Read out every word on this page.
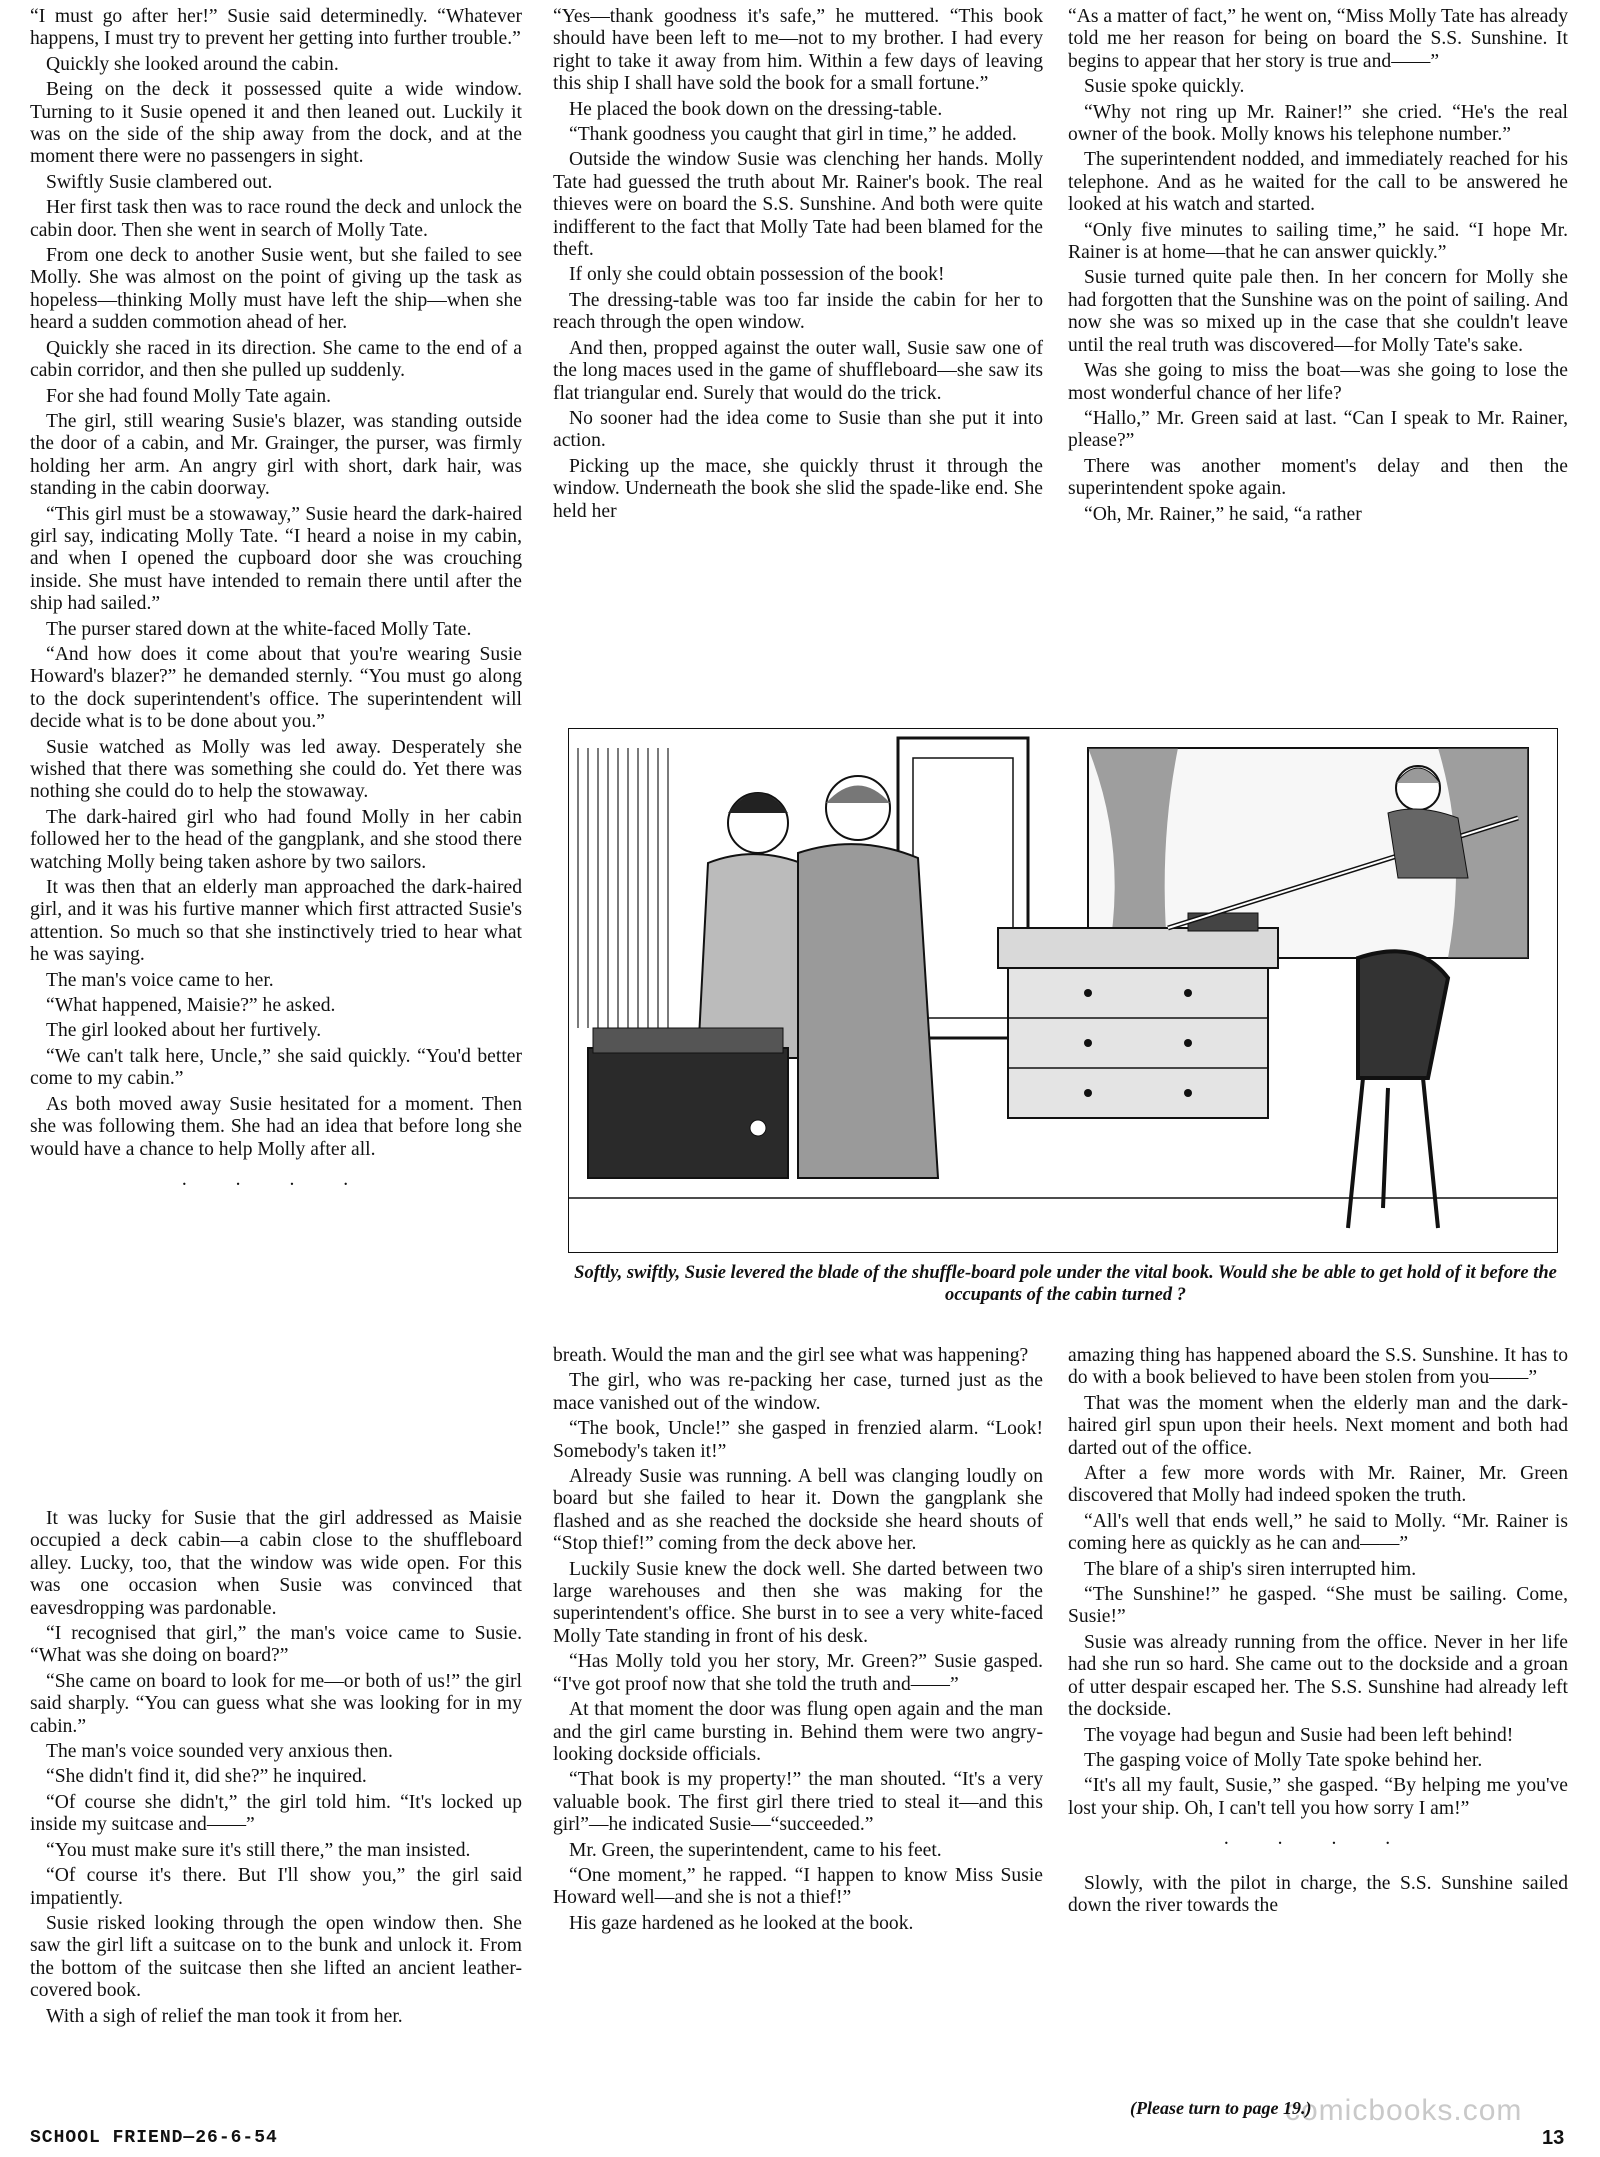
“I must go after her!” Susie said determinedly. “Whatever happens, I must try to prevent her getting into further trouble.”

Quickly she looked around the cabin.

Being on the deck it possessed quite a wide window. Turning to it Susie opened it and then leaned out. Luckily it was on the side of the ship away from the dock, and at the moment there were no passengers in sight.

Swiftly Susie clambered out.

Her first task then was to race round the deck and unlock the cabin door. Then she went in search of Molly Tate.

From one deck to another Susie went, but she failed to see Molly. She was almost on the point of giving up the task as hopeless—thinking Molly must have left the ship—when she heard a sudden commotion ahead of her.

Quickly she raced in its direction. She came to the end of a cabin corridor, and then she pulled up suddenly.

For she had found Molly Tate again.

The girl, still wearing Susie's blazer, was standing outside the door of a cabin, and Mr. Grainger, the purser, was firmly holding her arm. An angry girl with short, dark hair, was standing in the cabin doorway.

“This girl must be a stowaway,” Susie heard the dark-haired girl say, indicating Molly Tate. “I heard a noise in my cabin, and when I opened the cupboard door she was crouching inside. She must have intended to remain there until after the ship had sailed.”

The purser stared down at the white-faced Molly Tate.

“And how does it come about that you're wearing Susie Howard's blazer?” he demanded sternly. “You must go along to the dock superintendent's office. The superintendent will decide what is to be done about you.”

Susie watched as Molly was led away. Desperately she wished that there was something she could do. Yet there was nothing she could do to help the stowaway.

The dark-haired girl who had found Molly in her cabin followed her to the head of the gangplank, and she stood there watching Molly being taken ashore by two sailors.

It was then that an elderly man approached the dark-haired girl, and it was his furtive manner which first attracted Susie's attention. So much so that she instinctively tried to hear what he was saying.

The man's voice came to her.

“What happened, Maisie?” he asked.

The girl looked about her furtively.

“We can't talk here, Uncle,” she said quickly. “You'd better come to my cabin.”

As both moved away Susie hesitated for a moment. Then she was following them. She had an idea that before long she would have a chance to help Molly after all.

. . . .

It was lucky for Susie that the girl addressed as Maisie occupied a deck cabin—a cabin close to the shuffleboard alley. Lucky, too, that the window was wide open. For this was one occasion when Susie was convinced that eavesdropping was pardonable.

“I recognised that girl,” the man's voice came to Susie. “What was she doing on board?”

“She came on board to look for me—or both of us!” the girl said sharply. “You can guess what she was looking for in my cabin.”

The man's voice sounded very anxious then.

“She didn't find it, did she?” he inquired.

“Of course she didn't,” the girl told him. “It's locked up inside my suitcase and——”

“You must make sure it's still there,” the man insisted.

“Of course it's there. But I'll show you,” the girl said impatiently.

Susie risked looking through the open window then. She saw the girl lift a suitcase on to the bunk and unlock it. From the bottom of the suitcase then she lifted an ancient leather-covered book.

With a sigh of relief the man took it from her.

“Yes—thank goodness it's safe,” he muttered. “This book should have been left to me—not to my brother. I had every right to take it away from him. Within a few days of leaving this ship I shall have sold the book for a small fortune.”

He placed the book down on the dressing-table.

“Thank goodness you caught that girl in time,” he added.

Outside the window Susie was clenching her hands. Molly Tate had guessed the truth about Mr. Rainer's book. The real thieves were on board the S.S. Sunshine. And both were quite indifferent to the fact that Molly Tate had been blamed for the theft.

If only she could obtain possession of the book!

The dressing-table was too far inside the cabin for her to reach through the open window.

And then, propped against the outer wall, Susie saw one of the long maces used in the game of shuffleboard—she saw its flat triangular end. Surely that would do the trick.

No sooner had the idea come to Susie than she put it into action.

Picking up the mace, she quickly thrust it through the window. Underneath the book she slid the spade-like end. She held her

“As a matter of fact,” he went on, “Miss Molly Tate has already told me her reason for being on board the S.S. Sunshine. It begins to appear that her story is true and——”

Susie spoke quickly.

“Why not ring up Mr. Rainer!” she cried. “He's the real owner of the book. Molly knows his telephone number.”

The superintendent nodded, and immediately reached for his telephone. And as he waited for the call to be answered he looked at his watch and started.

“Only five minutes to sailing time,” he said. “I hope Mr. Rainer is at home—that he can answer quickly.”

Susie turned quite pale then. In her concern for Molly she had forgotten that the Sunshine was on the point of sailing. And now she was so mixed up in the case that she couldn't leave until the real truth was discovered—for Molly Tate's sake.

Was she going to miss the boat—was she going to lose the most wonderful chance of her life?

“Hallo,” Mr. Green said at last. “Can I speak to Mr. Rainer, please?”

There was another moment's delay and then the superintendent spoke again.

“Oh, Mr. Rainer,” he said, “a rather

Softly, swiftly, Susie levered the blade of the shuffle-board pole under the vital book. Would she be able to get hold of it before the occupants of the cabin turned ?

breath. Would the man and the girl see what was happening?

The girl, who was re-packing her case, turned just as the mace vanished out of the window.

“The book, Uncle!” she gasped in frenzied alarm. “Look! Somebody's taken it!”

Already Susie was running. A bell was clanging loudly on board but she failed to hear it. Down the gangplank she flashed and as she reached the dockside she heard shouts of “Stop thief!” coming from the deck above her.

Luckily Susie knew the dock well. She darted between two large warehouses and then she was making for the superintendent's office. She burst in to see a very white-faced Molly Tate standing in front of his desk.

“Has Molly told you her story, Mr. Green?” Susie gasped. “I've got proof now that she told the truth and——”

At that moment the door was flung open again and the man and the girl came bursting in. Behind them were two angry-looking dockside officials.

“That book is my property!” the man shouted. “It's a very valuable book. The first girl there tried to steal it—and this girl”—he indicated Susie—“succeeded.”

Mr. Green, the superintendent, came to his feet.

“One moment,” he rapped. “I happen to know Miss Susie Howard well—and she is not a thief!”

His gaze hardened as he looked at the book.

amazing thing has happened aboard the S.S. Sunshine. It has to do with a book believed to have been stolen from you——”

That was the moment when the elderly man and the dark-haired girl spun upon their heels. Next moment and both had darted out of the office.

After a few more words with Mr. Rainer, Mr. Green discovered that Molly had indeed spoken the truth.

“All's well that ends well,” he said to Molly. “Mr. Rainer is coming here as quickly as he can and——”

The blare of a ship's siren interrupted him.

“The Sunshine!” he gasped. “She must be sailing. Come, Susie!”

Susie was already running from the office. Never in her life had she run so hard. She came out to the dockside and a groan of utter despair escaped her. The S.S. Sunshine had already left the dockside.

The voyage had begun and Susie had been left behind!

The gasping voice of Molly Tate spoke behind her.

“It's all my fault, Susie,” she gasped. “By helping me you've lost your ship. Oh, I can't tell you how sorry I am!”

. . . .

Slowly, with the pilot in charge, the S.S. Sunshine sailed down the river towards the

comicbooks.com
(Please turn to page 19.)
SCHOOL FRIEND—26-6-54	13
